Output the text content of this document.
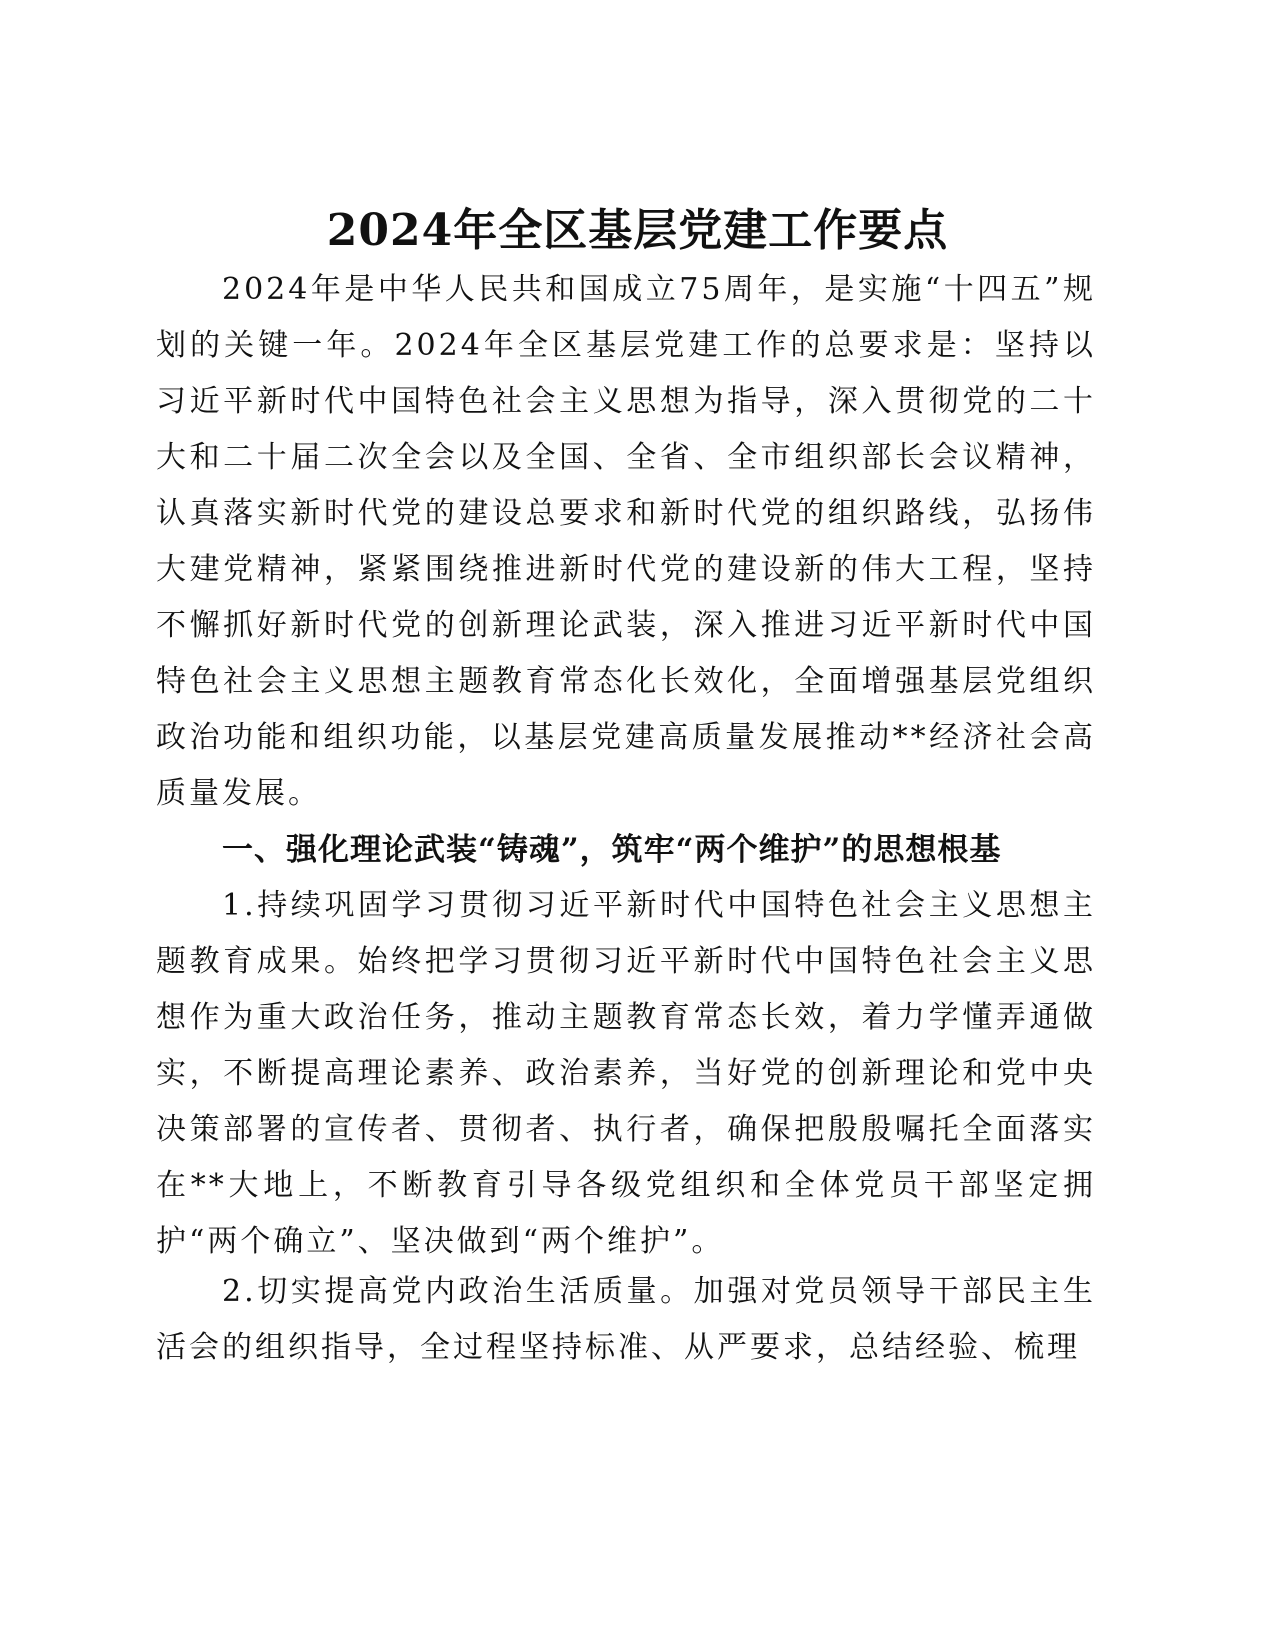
2024年全区基层党建工作要点

2024年是中华人民共和国成立75周年，是实施“十四五”规划的关键一年。2024年全区基层党建工作的总要求是：坚持以习近平新时代中国特色社会主义思想为指导，深入贯彻党的二十大和二十届二次全会以及全国、全省、全市组织部长会议精神，认真落实新时代党的建设总要求和新时代党的组织路线，弘扬伟大建党精神，紧紧围绕推进新时代党的建设新的伟大工程，坚持不懈抓好新时代党的创新理论武装，深入推进习近平新时代中国特色社会主义思想主题教育常态化长效化，全面增强基层党组织政治功能和组织功能，以基层党建高质量发展推动**经济社会高质量发展。

一、强化理论武装“铸魂”，筑牢“两个维护”的思想根基

1.持续巩固学习贯彻习近平新时代中国特色社会主义思想主题教育成果。始终把学习贯彻习近平新时代中国特色社会主义思想作为重大政治任务，推动主题教育常态长效，着力学懂弄通做实，不断提高理论素养、政治素养，当好党的创新理论和党中央决策部署的宣传者、贯彻者、执行者，确保把殷殷嘱托全面落实在**大地上，不断教育引导各级党组织和全体党员干部坚定拥护“两个确立”、坚决做到“两个维护”。

2.切实提高党内政治生活质量。加强对党员领导干部民主生活会的组织指导，全过程坚持标准、从严要求，总结经验、梳理
